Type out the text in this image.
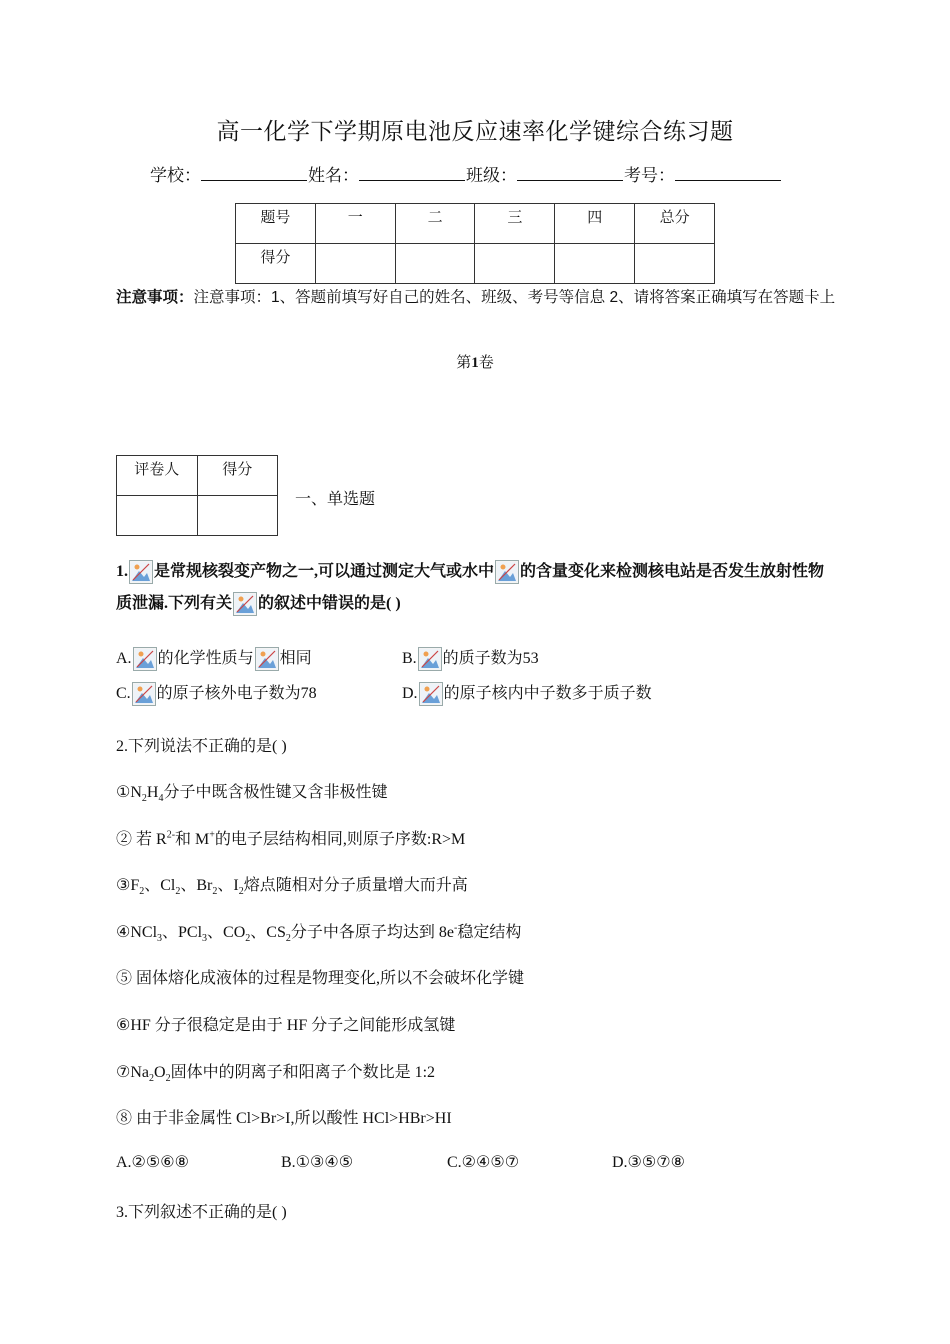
高一化学下学期原电池反应速率化学键综合练习题
学校：	姓名：	班级：	考号：
题号	一	二	三	四	总分
得分					
注意事项：注意事项：1、答题前填写好自己的姓名、班级、考号等信息 2、请将答案正确填写在答题卡上
第1卷
评卷人	得分

一、单选题
1. 是常规核裂变产物之一,可以通过测定大气或水中 的含量变化来检测核电站是否发生放射性物质泄漏.下列有关 的叙述中错误的是( )
A. 的化学性质与 相同	B. 的质子数为53
C. 的原子核外电子数为78	D. 的原子核内中子数多于质子数
2.下列说法不正确的是( )
$①N_2H_4$分子中既含极性键又含非极性键
② 若 $R^{2-}$和 M+的电子层结构相同,则原子序数:R>M
$③F_2$、$Cl_2$、$Br_2$、$I_2$熔点随相对分子质量增大而升高
④NCl$_3$、PCl$_3$、$CO_2$、$CS_2$分子中各原子均达到 8e-稳定结构
⑤ 固体熔化成液体的过程是物理变化,所以不会破坏化学键
⑥HF 分子很稳定是由于 HF 分子之间能形成氢键
$⑦Na_2O_2$固体中的阴离子和阳离子个数比是 1:2
⑧ 由于非金属性 Cl>Br>I,所以酸性 HCl>HBr>HI
A.②⑤⑥⑧	B.①③④⑤	C.②④⑤⑦	D.③⑤⑦⑧
3.下列叙述不正确的是( )
